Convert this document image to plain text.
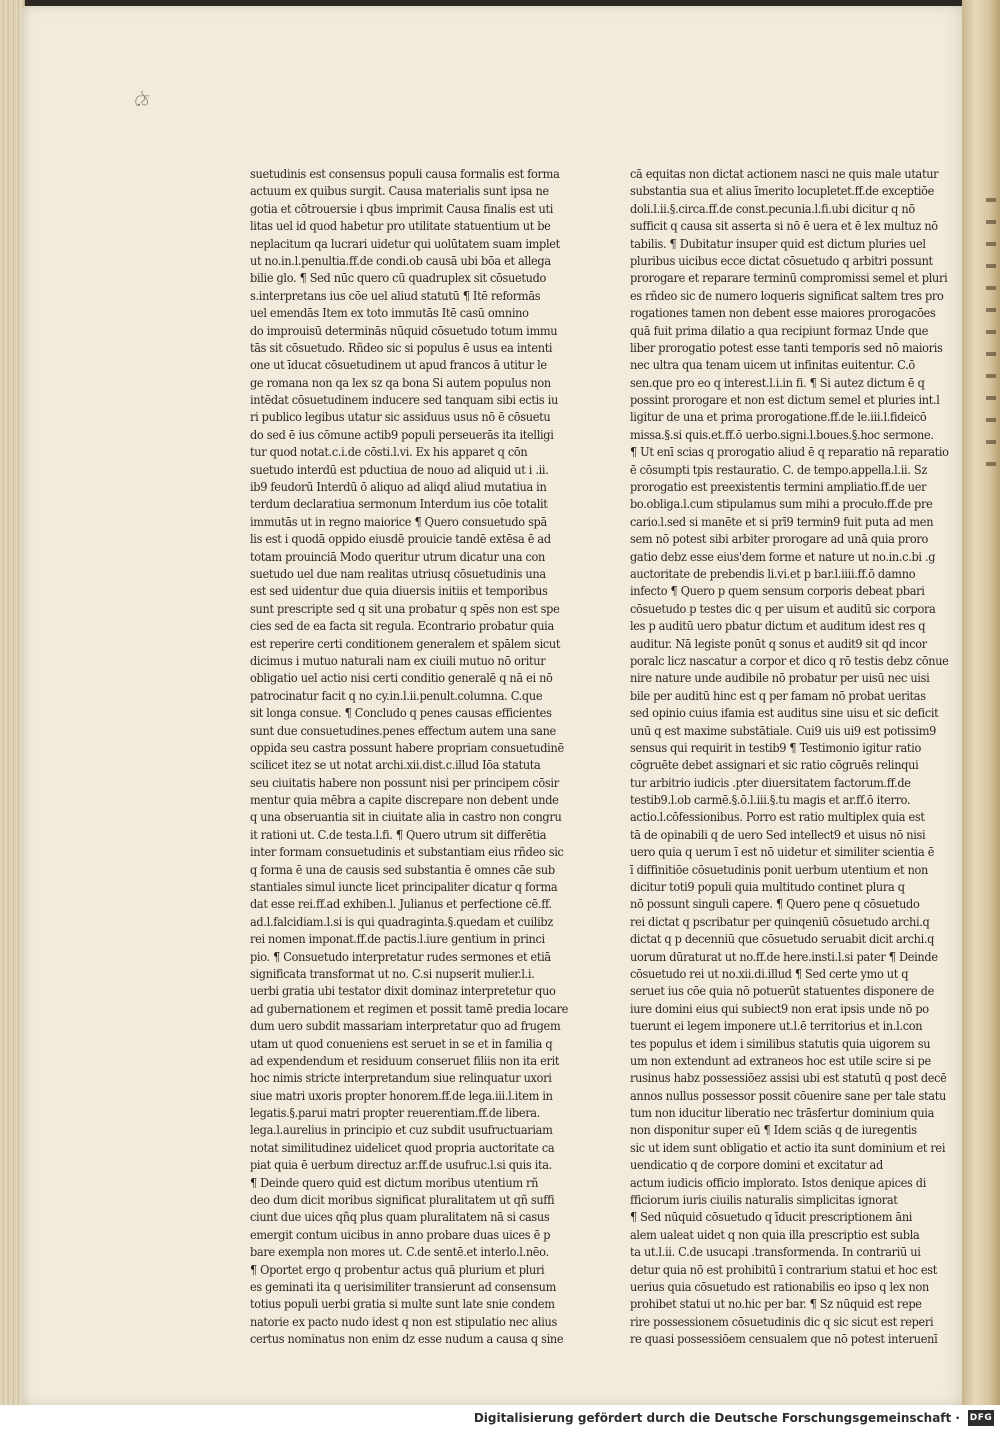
ঠে
suetudinis est consensus populi causa formalis est forma
actuum ex quibus surgit. Causa materialis sunt ipsa ne
gotia et cōtrouersie i qbus imprimit Causa finalis est uti
litas uel id quod habetur pro utilitate statuentium ut be
neplacitum qa lucrari uidetur qui uolūtatem suam implet
ut no.in.l.penultia.ff.de condi.ob causā ubi bōa et allega
bilie glo. ¶ Sed nūc quero cū quadruplex sit cōsuetudo
s.interpretans ius cōe uel aliud statutū ¶ Itē reformās
uel emendās Item ex toto immutās Itē casū omnino
do improuisū determinās nūquid cōsuetudo totum immu
tās sit cōsuetudo. Rñdeo sic si populus ē usus ea intenti
one ut īducat cōsuetudinem ut apud francos ā utitur le
ge romana non qa lex sz qa bona Si autem populus non
intēdat cōsuetudinem inducere sed tanquam sibi ectis iu
ri publico legibus utatur sic assiduus usus nō ē cōsuetu
do sed ē ius cōmune actib9 populi perseuerās ita itelligi
tur quod notat.c.i.de cōsti.l.vi. Ex his apparet q cōn
suetudo interdū est pductiua de nouo ad aliquid ut i .ii.
ib9 feudorū Interdū ō aliquo ad aliqd aliud mutatiua in
terdum declaratiua sermonum Interdum ius cōe totalit
immutās ut in regno maiorice ¶ Quero consuetudo spā
lis est i quodā oppido eiusdē prouicie tandē extēsa ē ad
totam prouinciā Modo queritur utrum dicatur una con
suetudo uel due nam realitas utriusq cōsuetudinis una
est sed uidentur due quia diuersis initiis et temporibus
sunt prescripte sed q sit una probatur q spēs non est spe
cies sed de ea facta sit regula. Econtrario probatur quia
est reperire certi conditionem generalem et spālem sicut
dicimus i mutuo naturali nam ex ciuili mutuo nō oritur
obligatio uel actio nisi certi conditio generalē q nā ei nō
patrocinatur facit q no cy.in.l.ii.penult.columna. C.que
sit longa consue. ¶ Concludo q penes causas efficientes
sunt due consuetudines.penes effectum autem una sane
oppida seu castra possunt habere propriam consuetudinē
scilicet itez se ut notat archi.xii.dist.c.illud Iōa statuta
seu ciuitatis habere non possunt nisi per principem cōsir
mentur quia mēbra a capite discrepare non debent unde
q una obseruantia sit in ciuitate alia in castro non congru
it rationi ut. C.de testa.l.fi. ¶ Quero utrum sit differētia
inter formam consuetudinis et substantiam eius rñdeo sic
q forma ē una de causis sed substantia ē omnes cāe sub
stantiales simul iuncte licet principaliter dicatur q forma
dat esse rei.ff.ad exhiben.l. Julianus et perfectione cē.ff.
ad.l.falcidiam.l.si is qui quadraginta.§.quedam et cuilibz
rei nomen imponat.ff.de pactis.l.iure gentium in princi
pio. ¶ Consuetudo interpretatur rudes sermones et etiā
significata transformat ut no. C.si nupserit mulier.l.i.
uerbi gratia ubi testator dixit dominaz interpretetur quo
ad gubernationem et regimen et possit tamē predia locare
dum uero subdit massariam interpretatur quo ad frugem
utam ut quod conueniens est seruet in se et in familia q
ad expendendum et residuum conseruet filiis non ita erit
hoc nimis stricte interpretandum siue relinquatur uxori
siue matri uxoris propter honorem.ff.de lega.iii.l.item in
legatis.§.parui matri propter reuerentiam.ff.de libera.
lega.l.aurelius in principio et cuz subdit usufructuariam
notat similitudinez uidelicet quod propria auctoritate ca
piat quia ē uerbum directuz ar.ff.de usufruc.l.si quis ita.
¶ Deinde quero quid est dictum moribus utentium rñ
deo dum dicit moribus significat pluralitatem ut qñ suffi
ciunt due uices qñq plus quam pluralitatem nā si casus
emergit contum uicibus in anno probare duas uices ē p
bare exempla non mores ut. C.de sentē.et interlo.l.nēo.
¶ Oportet ergo q probentur actus quā plurium et pluri
es geminati ita q uerisimiliter transierunt ad consensum
totius populi uerbi gratia si multe sunt late snie condem
natorie ex pacto nudo idest q non est stipulatio nec alius
certus nominatus non enim dz esse nudum a causa q sine
cā equitas non dictat actionem nasci ne quis male utatur
substantia sua et alius īmerito locupletet.ff.de exceptiōe
doli.l.ii.§.circa.ff.de const.pecunia.l.fi.ubi dicitur q nō
sufficit q causa sit asserta si nō ē uera et ē lex multuz nō
tabilis. ¶ Dubitatur insuper quid est dictum pluries uel
pluribus uicibus ecce dictat cōsuetudo q arbitri possunt
prorogare et reparare terminū compromissi semel et pluri
es rñdeo sic de numero loqueris significat saltem tres pro
rogationes tamen non debent esse maiores prorogacōes
quā fuit prima dilatio a qua recipiunt formaz Unde que
liber prorogatio potest esse tanti temporis sed nō maioris
nec ultra qua tenam uicem ut infinitas euitentur. C.ō
sen.que pro eo q interest.l.i.in fi. ¶ Si autez dictum ē q
possint prorogare et non est dictum semel et pluries int.l
ligitur de una et prima prorogatione.ff.de le.iii.l.fideicō
missa.§.si quis.et.ff.ō uerbo.signi.l.boues.§.hoc sermone.
¶ Ut enī scias q prorogatio aliud ē q reparatio nā reparatio
ē cōsumpti tpis restauratio. C. de tempo.appella.l.ii. Sz
prorogatio est preexistentis termini ampliatio.ff.de uer
bo.obliga.l.cum stipulamus sum mihi a procuło.ff.de pre
cario.l.sed si manēte et si prī9 termin9 fuit puta ad men
sem nō potest sibi arbiter prorogare ad unā quia proro
gatio debz esse eius'dem forme et nature ut no.in.c.bi .g
auctoritate de prebendis li.vi.et p bar.l.iiii.ff.ō damno
infecto ¶ Quero p quem sensum corporis debeat pbari
cōsuetudo p testes dic q per uisum et auditū sic corpora
les p auditū uero pbatur dictum et auditum idest res q
auditur. Nā legiste ponūt q sonus et audit9 sit qd incor
poralc licz nascatur a corpor et dico q rō testis debz cōnue
nire nature unde audibile nō probatur per uisū nec uisi
bile per auditū hinc est q per famam nō probat ueritas
sed opinio cuius ifamia est auditus sine uisu et sic deficit
unū q est maxime substātiale. Cui9 uis ui9 est potissim9
sensus qui requirit in testib9 ¶ Testimonio igitur ratio
cōgruēte debet assignari et sic ratio cōgruēs relinqui
tur arbitrio iudicis .pter diuersitatem factorum.ff.de
testib9.l.ob carmē.§.ō.l.iii.§.tu magis et ar.ff.ō iterro.
actio.l.cōfessionibus. Porro est ratio multiplex quia est
tā de opinabili q de uero Sed intellect9 et uisus nō nisi
uero quia q uerum ī est nō uidetur et similiter scientia ē
ī diffinitiōe cōsuetudinis ponit uerbum utentium et non
dicitur toti9 populi quia multitudo continet plura q
nō possunt singuli capere. ¶ Quero pene q cōsuetudo
rei dictat q pscribatur per quinqeniū cōsuetudo archi.q
dictat q p decenniū que cōsuetudo seruabit dicit archi.q
uorum dūraturat ut no.ff.de here.insti.l.si pater ¶ Deinde
cōsuetudo rei ut no.xii.di.illud ¶ Sed certe ymo ut q
seruet ius cōe quia nō potuerūt statuentes disponere de
iure domini eius qui subiect9 non erat ipsis unde nō po
tuerunt ei legem imponere ut.l.ē territorius et in.l.con
tes populus et idem i similibus statutis quia uigorem su
um non extendunt ad extraneos hoc est utile scire si pe
rusinus habz possessiōez assisi ubi est statutū q post decē
annos nullus possessor possit cōuenire sane per tale statu
tum non iducitur liberatio nec trāsfertur dominium quia
non disponitur super eū ¶ Idem sciās q de iuregentis
sic ut idem sunt obligatio et actio ita sunt dominium et rei
uendicatio q de corpore domini et excitatur ad
actum iudicis officio implorato. Istos denique apices di
fficiorum iuris ciuilis naturalis simplicitas ignorat
¶ Sed nūquid cōsuetudo q īducit prescriptionem āni
alem ualeat uidet q non quia illa prescriptio est subla
ta ut.l.ii. C.de usucapi .transformenda. In contrariū ui
detur quia nō est prohibitū ī contrarium statui et hoc est
uerius quia cōsuetudo est rationabilis eo ipso q lex non
prohibet statui ut no.hic per bar. ¶ Sz nūquid est repe
rire possessionem cōsuetudinis dic q sic sicut est reperi
re quasi possessiōem censualem que nō potest interuenī
Digitalisierung gefördert durch die Deutsche Forschungsgemeinschaft · DFG
